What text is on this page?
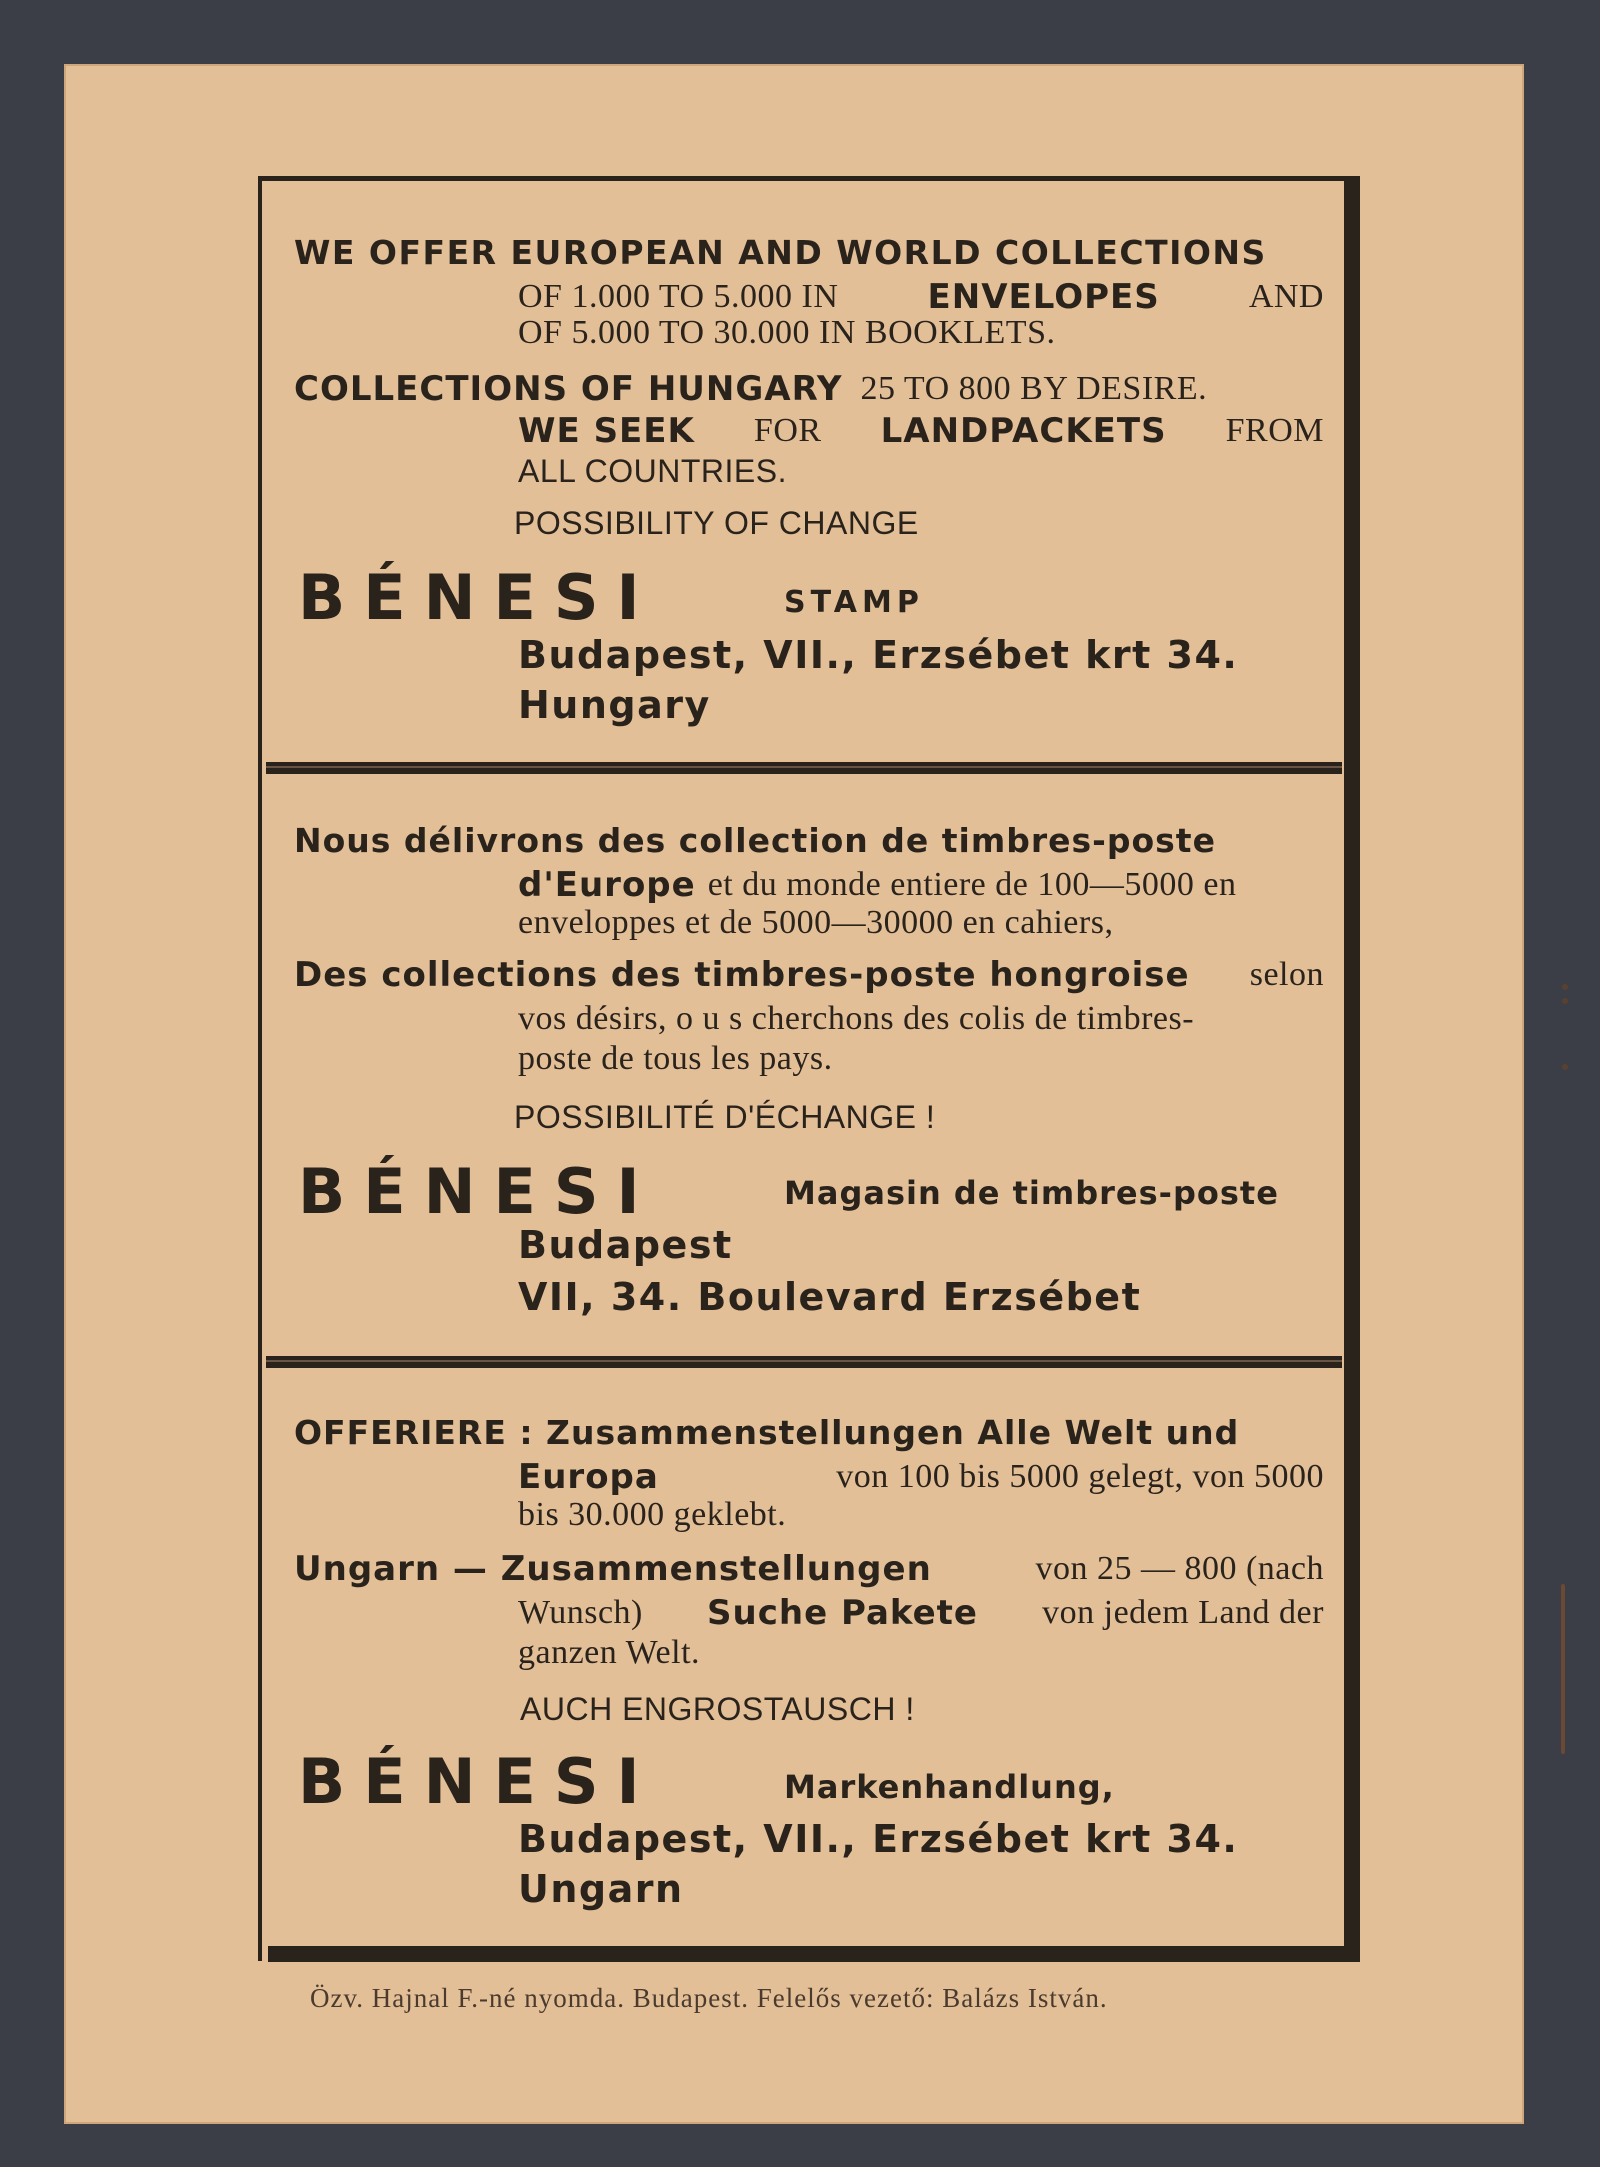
WE OFFER EUROPEAN AND WORLD COLLECTIONS
OF 1.000 TO 5.000 IN	ENVELOPES	AND
OF 5.000 TO 30.000 IN BOOKLETS.
COLLECTIONS OF HUNGARY 25 TO 800 BY DESIRE.
WE SEEK FOR LANDPACKETS FROM
ALL COUNTRIES.
POSSIBILITY OF CHANGE
BÉNESI	STAMP
Budapest, VII., Erzsébet krt 34.
Hungary
Nous délivrons des collection de timbres-poste
d'Europe et du monde entiere de 100—5000 en
enveloppes et de 5000—30000 en cahiers,
Des collections des timbres-poste hongroise selon
vos désirs, o u s cherchons des colis de timbres-
poste de tous les pays.
POSSIBILITÉ D'ÉCHANGE !
BÉNESI	Magasin de timbres-poste
Budapest
VII, 34. Boulevard Erzsébet
OFFERIERE : Zusammenstellungen Alle Welt und
Europa	von 100 bis 5000 gelegt, von 5000
bis 30.000 geklebt.
Ungarn — Zusammenstellungen	von 25 — 800 (nach
Wunsch) Suche Pakete von jedem Land der
ganzen Welt.
AUCH ENGROSTAUSCH !
BÉNESI	Markenhandlung,
Budapest, VII., Erzsébet krt 34.
Ungarn
Özv. Hajnal F.-né nyomda. Budapest. Felelős vezető: Balázs István.
